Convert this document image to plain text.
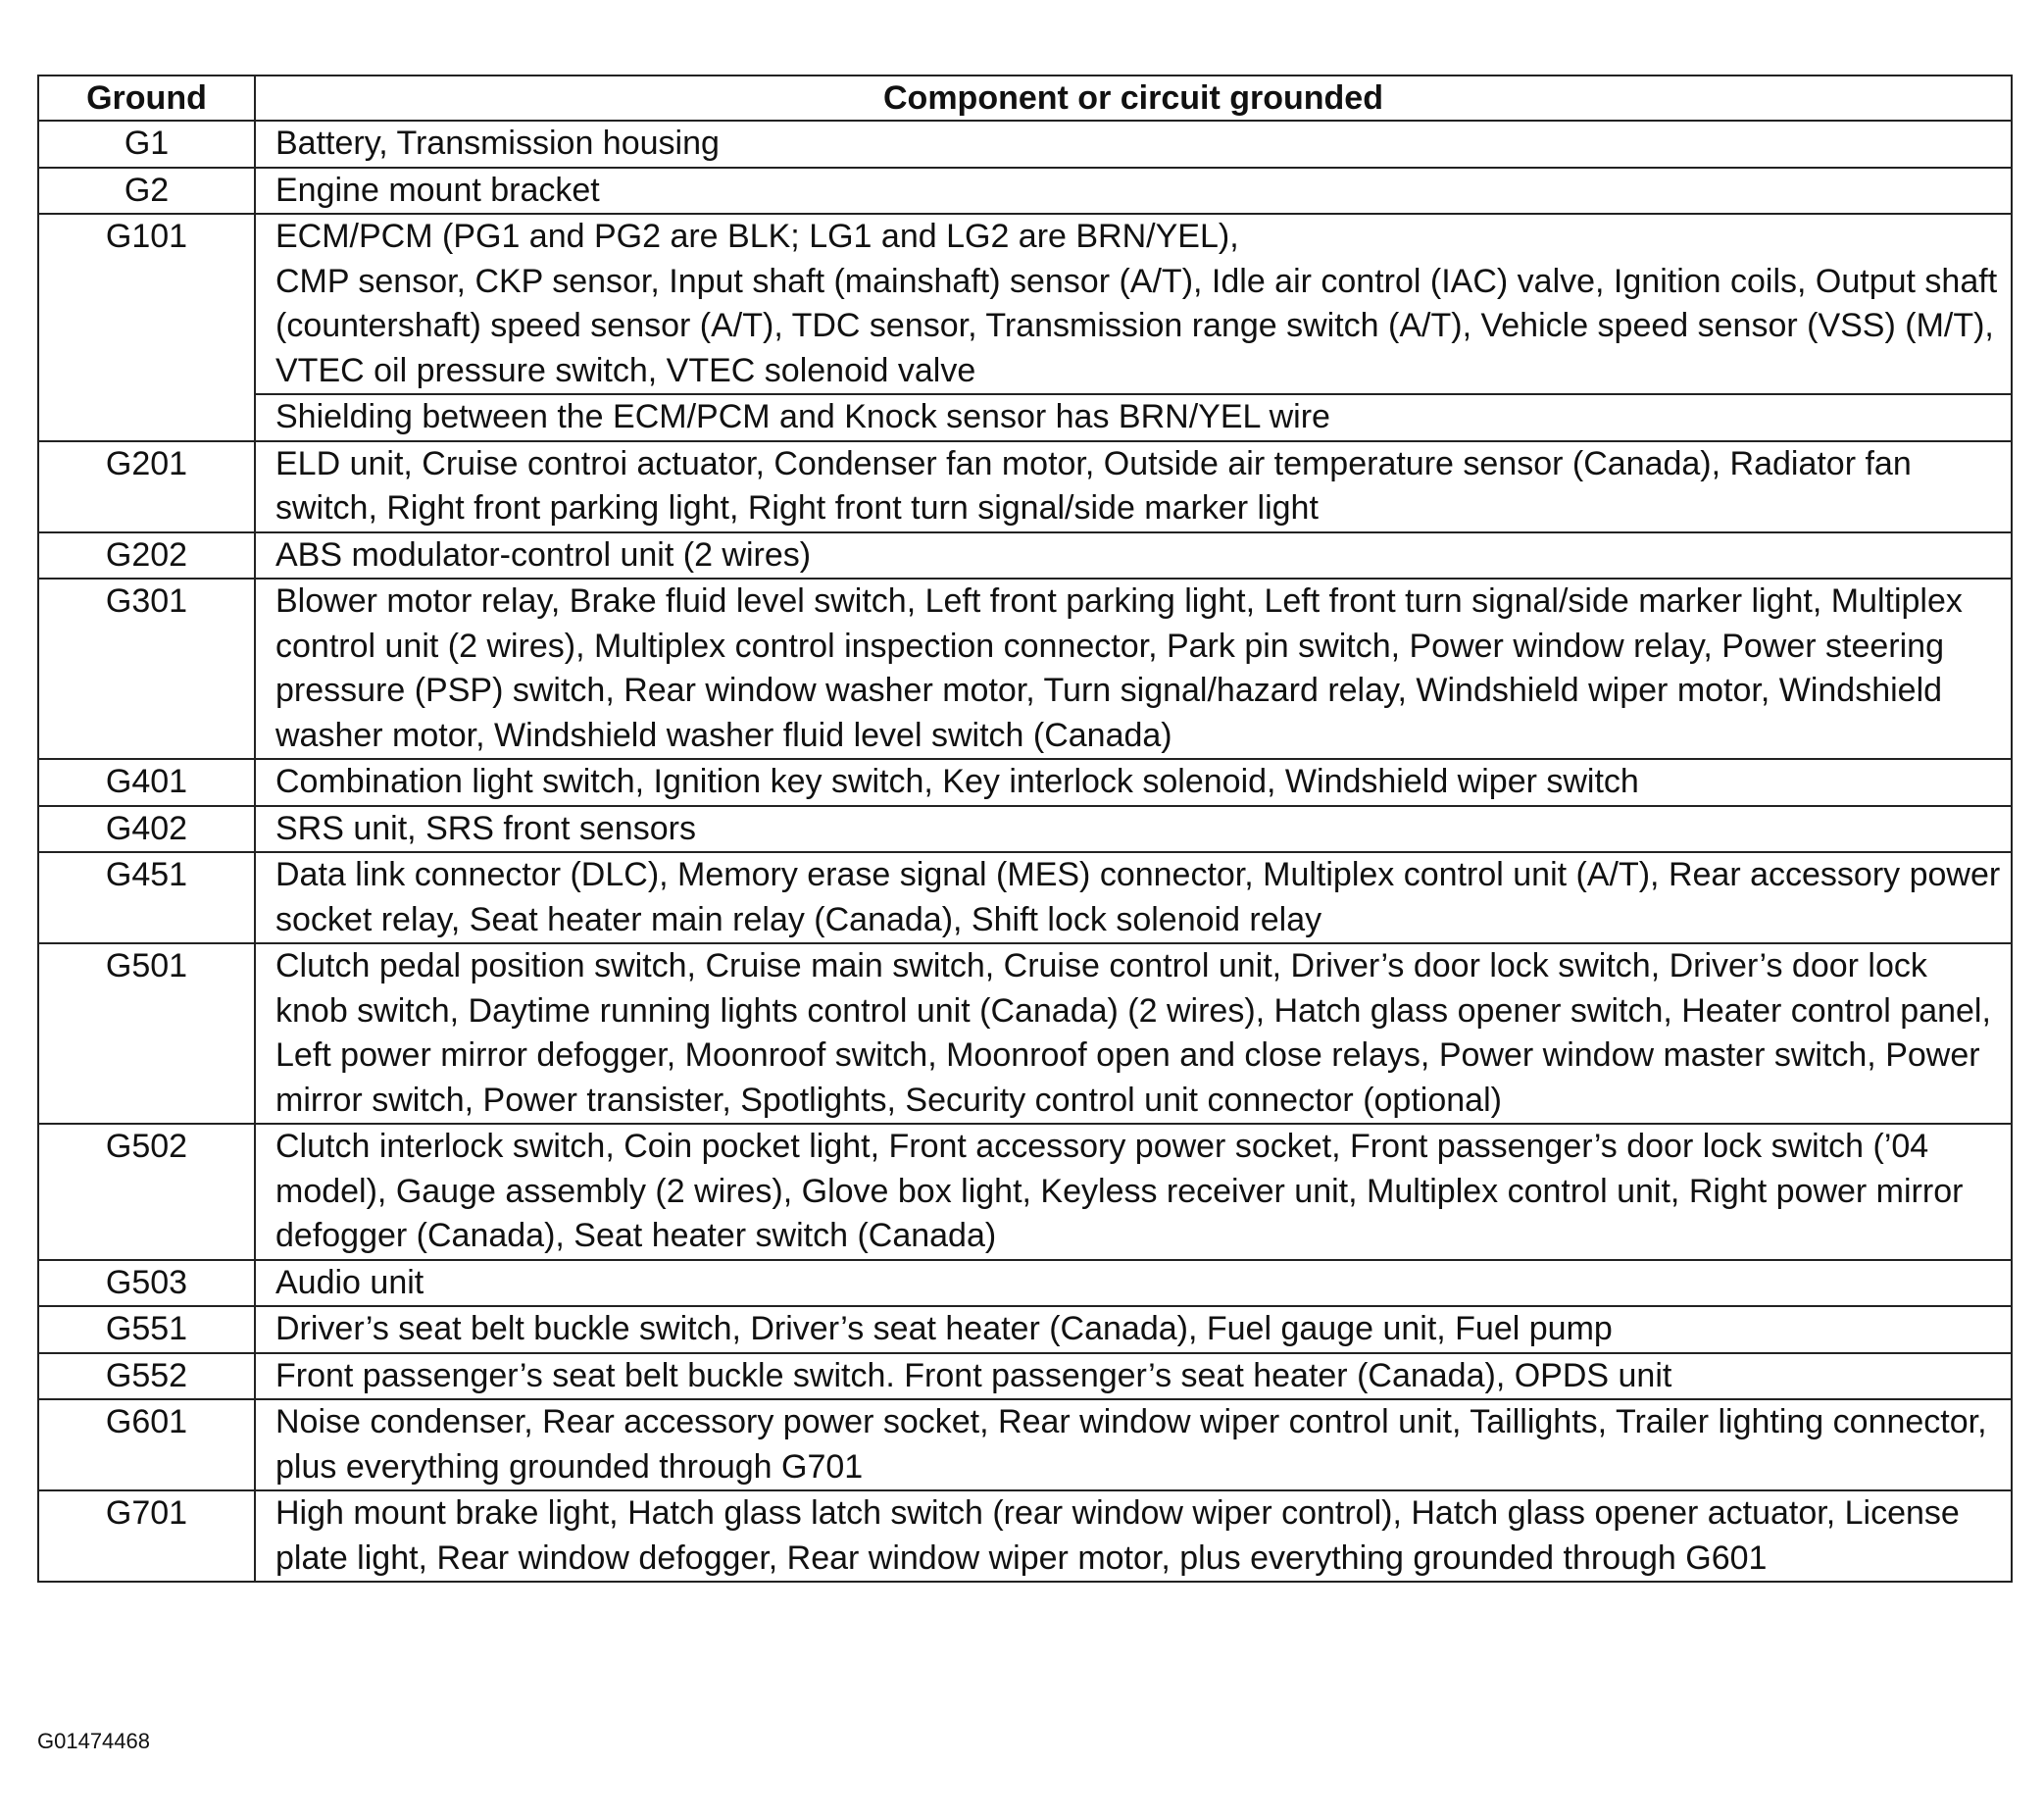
Ground	Component or circuit grounded
G1	Battery, Transmission housing
G2	Engine mount bracket
G101	ECM/PCM (PG1 and PG2 are BLK; LG1 and LG2 are BRN/YEL),
CMP sensor, CKP sensor, Input shaft (mainshaft) sensor (A/T), Idle air control (IAC) valve, Ignition coils, Output shaft (countershaft) speed sensor (A/T), TDC sensor, Transmission range switch (A/T), Vehicle speed sensor (VSS) (M/T), VTEC oil pressure switch, VTEC solenoid valve
	Shielding between the ECM/PCM and Knock sensor has BRN/YEL wire
G201	ELD unit, Cruise controi actuator, Condenser fan motor, Outside air temperature sensor (Canada), Radiator fan switch, Right front parking light, Right front turn signal/side marker light
G202	ABS modulator-control unit (2 wires)
G301	Blower motor relay, Brake fluid level switch, Left front parking light, Left front turn signal/side marker light, Multiplex control unit (2 wires), Multiplex control inspection connector, Park pin switch, Power window relay, Power steering pressure (PSP) switch, Rear window washer motor, Turn signal/hazard relay, Windshield wiper motor, Windshield washer motor, Windshield washer fluid level switch (Canada)
G401	Combination light switch, Ignition key switch, Key interlock solenoid, Windshield wiper switch
G402	SRS unit, SRS front sensors
G451	Data link connector (DLC), Memory erase signal (MES) connector, Multiplex control unit (A/T), Rear accessory power socket relay, Seat heater main relay (Canada), Shift lock solenoid relay
G501	Clutch pedal position switch, Cruise main switch, Cruise control unit, Driver’s door lock switch, Driver’s door lock knob switch, Daytime running lights control unit (Canada) (2 wires), Hatch glass opener switch, Heater control panel, Left power mirror defogger, Moonroof switch, Moonroof open and close relays, Power window master switch, Power mirror switch, Power transister, Spotlights, Security control unit connector (optional)
G502	Clutch interlock switch, Coin pocket light, Front accessory power socket, Front passenger’s door lock switch (’04 model), Gauge assembly (2 wires), Glove box light, Keyless receiver unit, Multiplex control unit, Right power mirror defogger (Canada), Seat heater switch (Canada)
G503	Audio unit
G551	Driver’s seat belt buckle switch, Driver’s seat heater (Canada), Fuel gauge unit, Fuel pump
G552	Front passenger’s seat belt buckle switch. Front passenger’s seat heater (Canada), OPDS unit
G601	Noise condenser, Rear accessory power socket, Rear window wiper control unit, Taillights, Trailer lighting connector, plus everything grounded through G701
G701	High mount brake light, Hatch glass latch switch (rear window wiper control), Hatch glass opener actuator, License plate light, Rear window defogger, Rear window wiper motor, plus everything grounded through G601
G01474468
